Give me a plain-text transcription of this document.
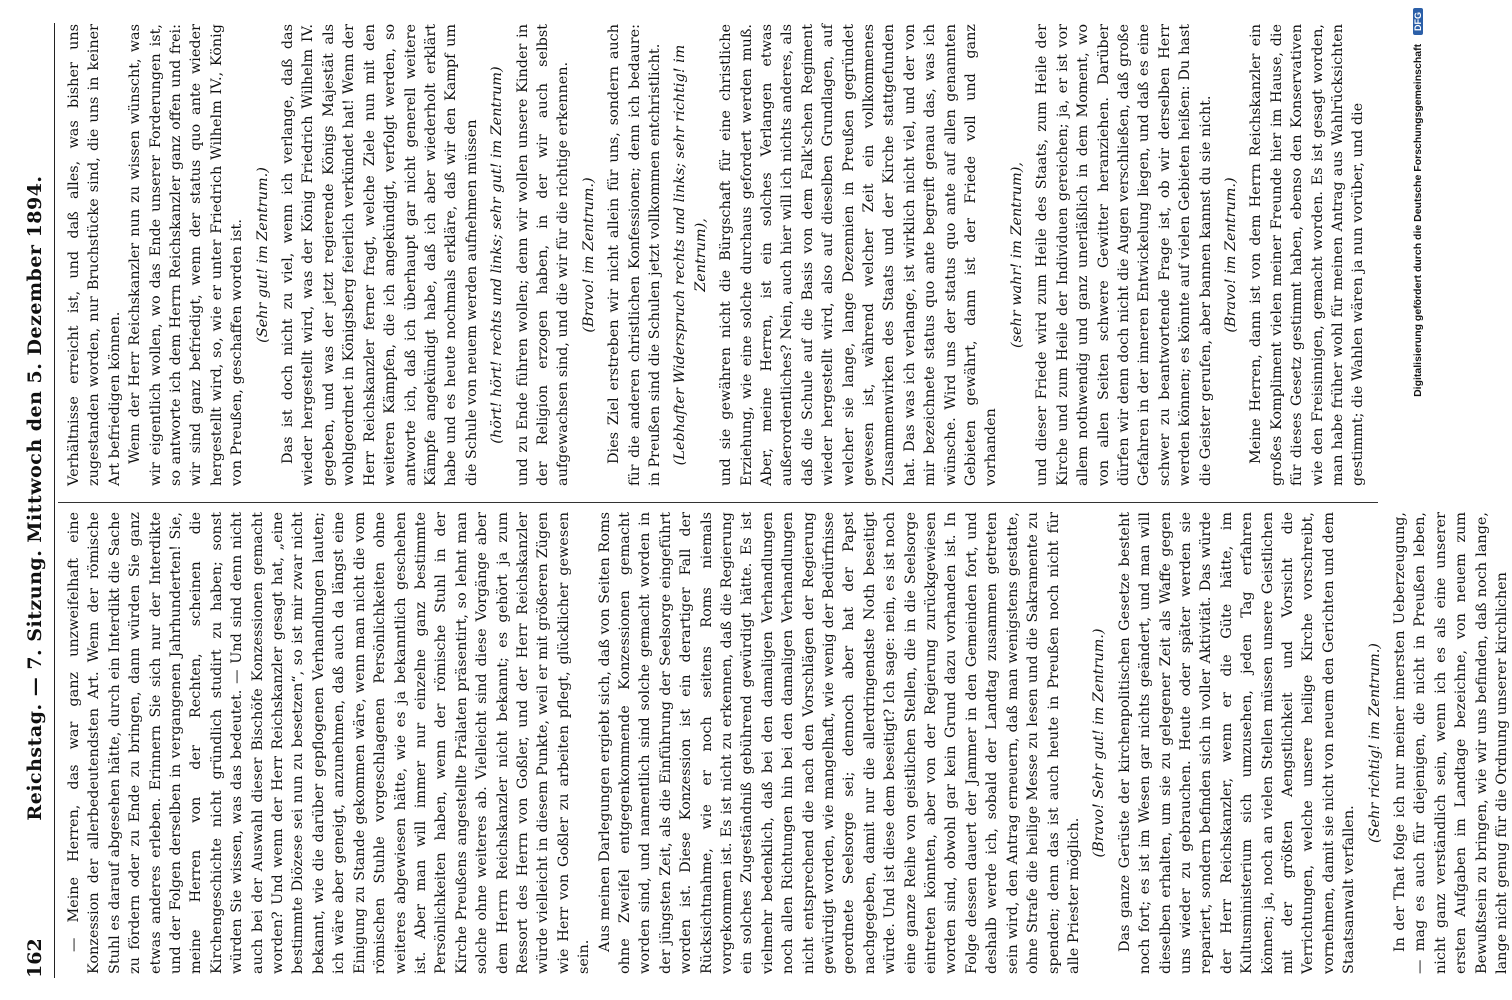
162
Reichstag. — 7. Sitzung. Mittwoch den 5. Dezember 1894. — Meine Herren, das war ganz unzweifelhaft eine Konzession der allerbedeutendsten Art. Wenn der römische Stuhl es darauf abgesehen hätte, durch ein Interdikt die Sache zu fördern oder zu Ende zu bringen, dann würden Sie ganz etwas anderes erleben. Erinnern Sie sich nur der Interdikte und der Folgen derselben in vergangenen Jahrhunderten! Sie, meine Herren von der Rechten, scheinen die Kirchengeschichte nicht gründlich studirt zu haben; sonst würden Sie wissen, was das bedeutet. — Und sind denn nicht auch bei der Auswahl dieser Bischöfe Konzessionen gemacht worden? Und wenn der Herr Reichskanzler gesagt hat, „eine bestimmte Diözese sei nun zu besetzen“, so ist mir zwar nicht bekannt, wie die darüber gepflogenen Verhandlungen lauten; ich wäre aber geneigt, anzunehmen, daß auch da längst eine Einigung zu Stande gekommen wäre, wenn man nicht die vom römischen Stuhle vorgeschlagenen Persönlichkeiten ohne weiteres abgewiesen hätte, wie es ja bekanntlich geschehen ist. Aber man will immer nur einzelne ganz bestimmte Persönlichkeiten haben, wenn der römische Stuhl in der Kirche Preußens angestellte Prälaten präsentirt, so lehnt man solche ohne weiteres ab. Vielleicht sind diese Vorgänge aber dem Herrn Reichskanzler nicht bekannt; es gehört ja zum Ressort des Herrn von Goßler, und der Herr Reichskanzler würde vielleicht in diesem Punkte, weil er mit größeren Zügen wie Herr von Goßler zu arbeiten pflegt, glücklicher gewesen sein.

Aus meinen Darlegungen ergiebt sich, daß von Seiten Roms ohne Zweifel entgegenkommende Konzessionen gemacht worden sind, und namentlich sind solche gemacht worden in der jüngsten Zeit, als die Einführung der Seelsorge eingeführt worden ist. Diese Konzession ist ein derartiger Fall der Rücksichtnahme, wie er noch seitens Roms niemals vorgekommen ist. Es ist nicht zu erkennen, daß die Regierung ein solches Zugeständniß gebührend gewürdigt hätte. Es ist vielmehr bedenklich, daß bei den damaligen Verhandlungen noch allen Richtungen hin bei den damaligen Verhandlungen nicht entsprechend die nach den Vorschlägen der Regierung gewürdigt worden, wie mangelhaft, wie wenig der Bedürfnisse geordnete Seelsorge sei; dennoch aber hat der Papst nachgegeben, damit nur die allerdringendste Noth beseitigt würde. Und ist diese dem beseitigt? Ich sage: nein, es ist noch eine ganze Reihe von geistlichen Stellen, die in die Seelsorge eintreten könnten, aber von der Regierung zurückgewiesen worden sind, obwohl gar kein Grund dazu vorhanden ist. In Folge dessen dauert der Jammer in den Gemeinden fort, und deshalb werde ich, sobald der Landtag zusammen getreten sein wird, den Antrag erneuern, daß man wenigstens gestatte, ohne Strafe die heilige Messe zu lesen und die Sakramente zu spenden; denn das ist auch heute in Preußen noch nicht für alle Priester möglich.

(Bravo! Sehr gut! im Zentrum.) Das ganze Gerüste der kirchenpolitischen Gesetze besteht noch fort; es ist im Wesen gar nichts geändert, und man will dieselben erhalten, um sie zu gelegener Zeit als Waffe gegen uns wieder zu gebrauchen. Heute oder später werden sie repariert, sondern befinden sich in voller Aktivität. Das würde der Herr Reichskanzler, wenn er die Güte hätte, im Kultusministerium sich umzusehen, jeden Tag erfahren können; ja, noch an vielen Stellen müssen unsere Geistlichen mit der größten Aengstlichkeit und Vorsicht die Verrichtungen, welche unsere heilige Kirche vorschreibt, vornehmen, damit sie nicht von neuem den Gerichten und dem Staatsanwalt verfallen.

(Sehr richtig! im Zentrum.) In der That folge ich nur meiner innersten Ueberzeugung, — mag es auch für diejenigen, die nicht in Preußen leben, nicht ganz verständlich sein, wenn ich es als eine unserer ersten Aufgaben im Landtage bezeichne, von neuem zum Bewußtsein zu bringen, wie wir uns befinden, daß noch lange, lange nicht genug für die Ordnung unserer kirchlichen

Verhältnisse erreicht ist, und daß alles, was bisher uns zugestanden worden, nur Bruchstücke sind, die uns in keiner Art befriedigen können. Wenn der Herr Reichskanzler nun zu wissen wünscht, was wir eigentlich wollen, wo das Ende unserer Forderungen ist, so antworte ich dem Herrn Reichskanzler ganz offen und frei: wir sind ganz befriedigt, wenn der status quo ante wieder hergestellt wird, so, wie er unter Friedrich Wilhelm IV., König von Preußen, geschaffen worden ist. (Sehr gut! im Zentrum.) Das ist doch nicht zu viel, wenn ich verlange, daß das wieder hergestellt wird, was der König Friedrich Wilhelm IV. gegeben, und was der jetzt regierende Königs Majestät als wohlgeordnet in Königsberg feierlich verkündet hat! Wenn der Herr Reichskanzler ferner fragt, welche Ziele nun mit den weiteren Kämpfen, die ich angekündigt, verfolgt werden, so antworte ich, daß ich überhaupt gar nicht generell weitere Kämpfe angekündigt habe, daß ich aber wiederholt erklärt habe und es heute nochmals erkläre, daß wir den Kampf um die Schule von neuem werden aufnehmen müssen (hört! hört! rechts und links; sehr gut! im Zentrum) und zu Ende führen wollen; denn wir wollen unsere Kinder in der Religion erzogen haben, in der wir auch selbst aufgewachsen sind, und die wir für die richtige erkennen. (Bravo! im Zentrum.) Dies Ziel erstreben wir nicht allein für uns, sondern auch für die anderen christlichen Konfessionen; denn ich bedaure: in Preußen sind die Schulen jetzt vollkommen entchristlicht. (Lebhafter Widerspruch rechts und links; sehr richtig! im Zentrum), und sie gewähren nicht die Bürgschaft für eine christliche Erziehung, wie eine solche durchaus gefordert werden muß. Aber, meine Herren, ist ein solches Verlangen etwas außerordentliches? Nein, auch hier will ich nichts anderes, als daß die Schule auf die Basis von dem Falk'schen Regiment wieder hergestellt wird, also auf dieselben Grundlagen, auf welcher sie lange, lange Dezennien in Preußen gegründet gewesen ist, während welcher Zeit ein vollkommenes Zusammenwirken des Staats und der Kirche stattgefunden hat. Das was ich verlange, ist wirklich nicht viel, und der von mir bezeichnete status quo ante begreift genau das, was ich wünsche. Wird uns der status quo ante auf allen genannten Gebieten gewährt, dann ist der Friede voll und ganz vorhanden

(sehr wahr! im Zentrum), und dieser Friede wird zum Heile des Staats, zum Heile der Kirche und zum Heile der Individuen gereichen; ja, er ist vor allem nothwendig und ganz unerläßlich in dem Moment, wo von allen Seiten schwere Gewitter heranziehen. Darüber dürfen wir denn doch nicht die Augen verschließen, daß große Gefahren in der inneren Entwickelung liegen, und daß es eine schwer zu beantwortende Frage ist, ob wir derselben Herr werden können; es könnte auf vielen Gebieten heißen: Du hast die Geister gerufen, aber bannen kannst du sie nicht. (Bravo! im Zentrum.) Meine Herren, dann ist von dem Herrn Reichskanzler ein großes Kompliment vielen meiner Freunde hier im Hause, die für dieses Gesetz gestimmt haben, ebenso den Konservativen wie den Freisinnigen, gemacht worden. Es ist gesagt worden, man habe früher wohl für meinen Antrag aus Wahlrücksichten gestimmt; die Wahlen wären ja nun vorüber, und die	Digitalisierung gefördert durch die Deutsche Forschungsgemeinschaft DFG
